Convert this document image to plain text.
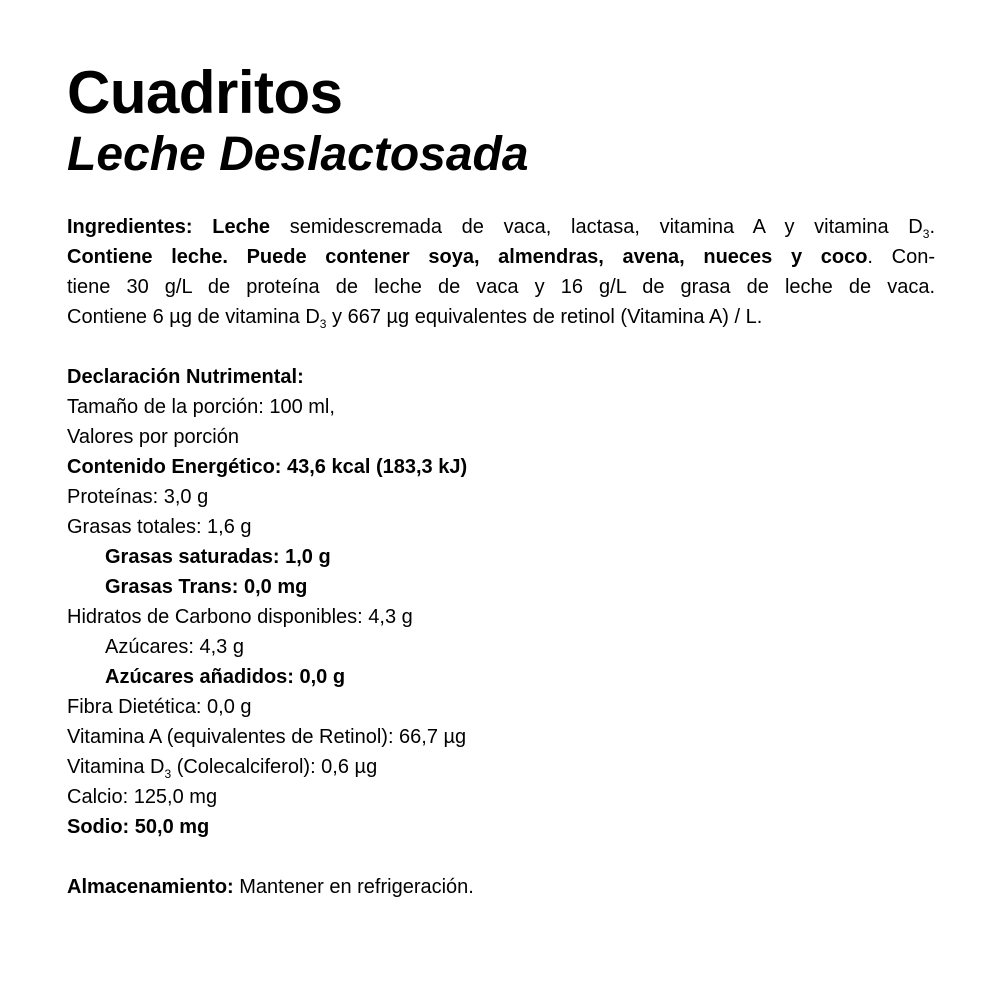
Cuadritos
Leche Deslactosada
Ingredientes: Leche semidescremada de vaca, lactasa, vitamina A y vitamina $D_3$.
Contiene leche. Puede contener soya, almendras, avena, nueces y coco. Con-
tiene 30 g/L de proteína de leche de vaca y 16 g/L de grasa de leche de vaca.
Contiene 6 µg de vitamina $D_3$ y 667 µg equivalentes de retinol (Vitamina A) / L.
Declaración Nutrimental:
Tamaño de la porción: 100 ml,
Valores por porción
Contenido Energético: 43,6 kcal (183,3 kJ)
Proteínas: 3,0 g
Grasas totales: 1,6 g
Grasas saturadas: 1,0 g
Grasas Trans: 0,0 mg
Hidratos de Carbono disponibles: 4,3 g
Azúcares: 4,3 g
Azúcares añadidos: 0,0 g
Fibra Dietética: 0,0 g
Vitamina A (equivalentes de Retinol): 66,7 µg
Vitamina $D_3$ (Colecalciferol): 0,6 µg
Calcio: 125,0 mg
Sodio: 50,0 mg
Almacenamiento: Mantener en refrigeración.
